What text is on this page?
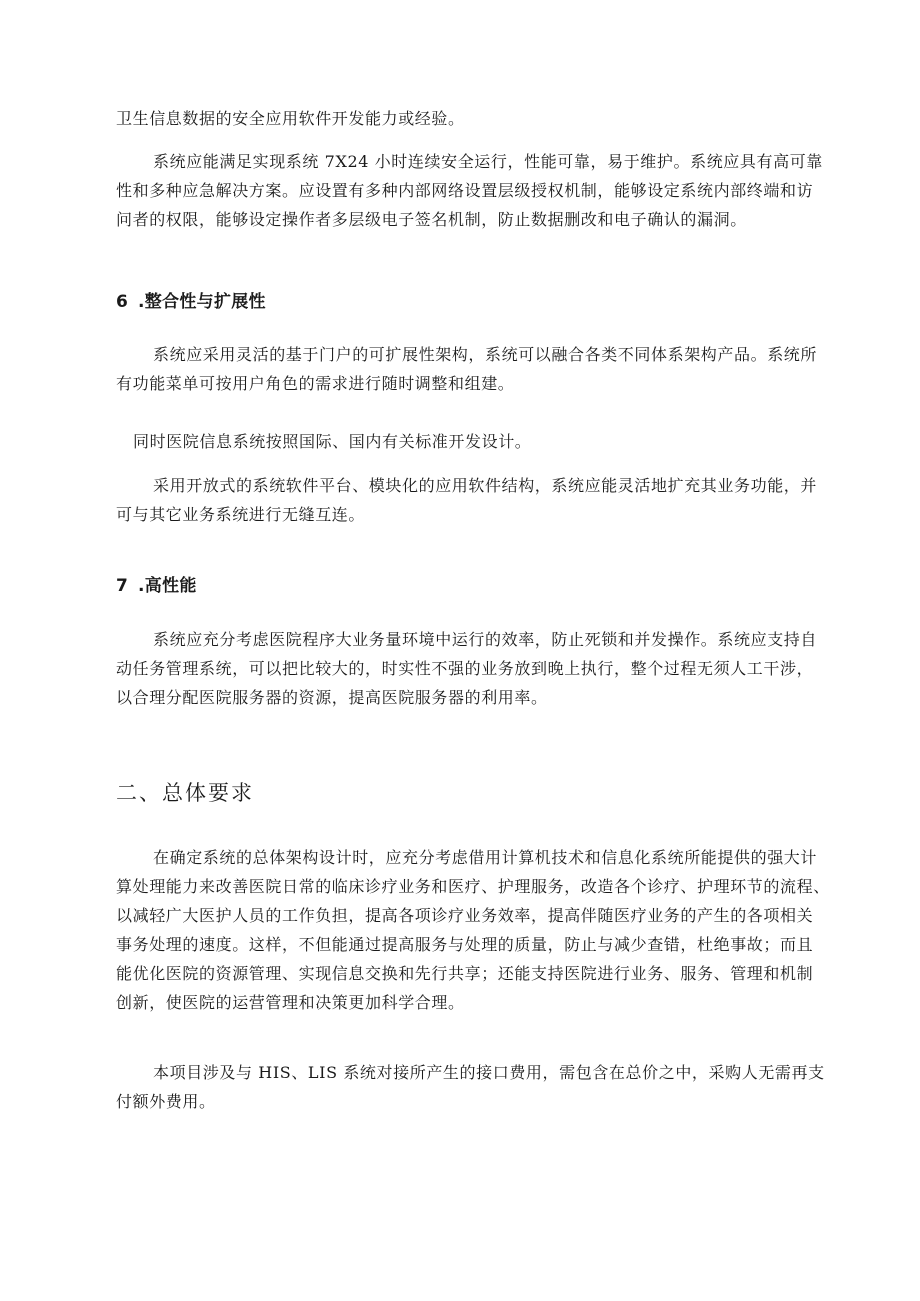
卫生信息数据的安全应用软件开发能力或经验。

系统应能满足实现系统 7X24 小时连续安全运行，性能可靠，易于维护。系统应具有高可靠
性和多种应急解决方案。应设置有多种内部网络设置层级授权机制，能够设定系统内部终端和访
问者的权限，能够设定操作者多层级电子签名机制，防止数据删改和电子确认的漏洞。

6 .整合性与扩展性

系统应采用灵活的基于门户的可扩展性架构，系统可以融合各类不同体系架构产品。系统所
有功能菜单可按用户角色的需求进行随时调整和组建。

同时医院信息系统按照国际、国内有关标准开发设计。

采用开放式的系统软件平台、模块化的应用软件结构，系统应能灵活地扩充其业务功能，并
可与其它业务系统进行无缝互连。

7 .高性能

系统应充分考虑医院程序大业务量环境中运行的效率，防止死锁和并发操作。系统应支持自
动任务管理系统，可以把比较大的，时实性不强的业务放到晚上执行，整个过程无须人工干涉，
以合理分配医院服务器的资源，提高医院服务器的利用率。

二、总体要求

在确定系统的总体架构设计时，应充分考虑借用计算机技术和信息化系统所能提供的强大计
算处理能力来改善医院日常的临床诊疗业务和医疗、护理服务，改造各个诊疗、护理环节的流程、
以减轻广大医护人员的工作负担，提高各项诊疗业务效率，提高伴随医疗业务的产生的各项相关
事务处理的速度。这样，不但能通过提高服务与处理的质量，防止与减少查错，杜绝事故；而且
能优化医院的资源管理、实现信息交换和先行共享；还能支持医院进行业务、服务、管理和机制
创新，使医院的运营管理和决策更加科学合理。

本项目涉及与 HIS、LIS 系统对接所产生的接口费用，需包含在总价之中，采购人无需再支
付额外费用。
